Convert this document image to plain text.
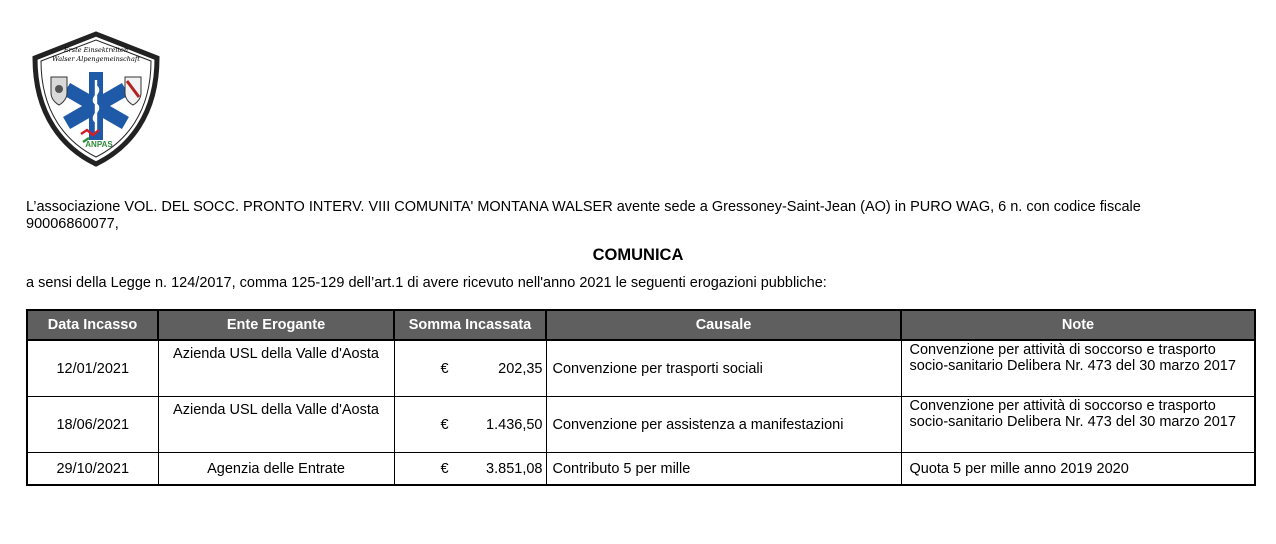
Erste Einsektreiten
Walser Alpengemeinschaft
ANPAS
L’associazione VOL. DEL SOCC. PRONTO INTERV. VIII COMUNITA' MONTANA WALSER avente sede a Gressoney-Saint-Jean (AO) in PURO WAG, 6 n. con codice fiscale
90006860077,
COMUNICA
a sensi della Legge n. 124/2017, comma 125-129 dell’art.1 di avere ricevuto nell'anno 2021 le seguenti erogazioni pubbliche:
Data Incasso	Ente Erogante	Somma Incassata	Causale	Note
12/01/2021	Azienda USL della Valle d'Aosta	€ 202,35	Convenzione per trasporti sociali	Convenzione per attività di soccorso e trasporto socio-sanitario Delibera Nr. 473 del 30 marzo 2017
18/06/2021	Azienda USL della Valle d'Aosta	€ 1.436,50	Convenzione per assistenza a manifestazioni	Convenzione per attività di soccorso e trasporto socio-sanitario Delibera Nr. 473 del 30 marzo 2017
29/10/2021	Agenzia delle Entrate	€ 3.851,08	Contributo 5 per mille	Quota 5 per mille anno 2019 2020
